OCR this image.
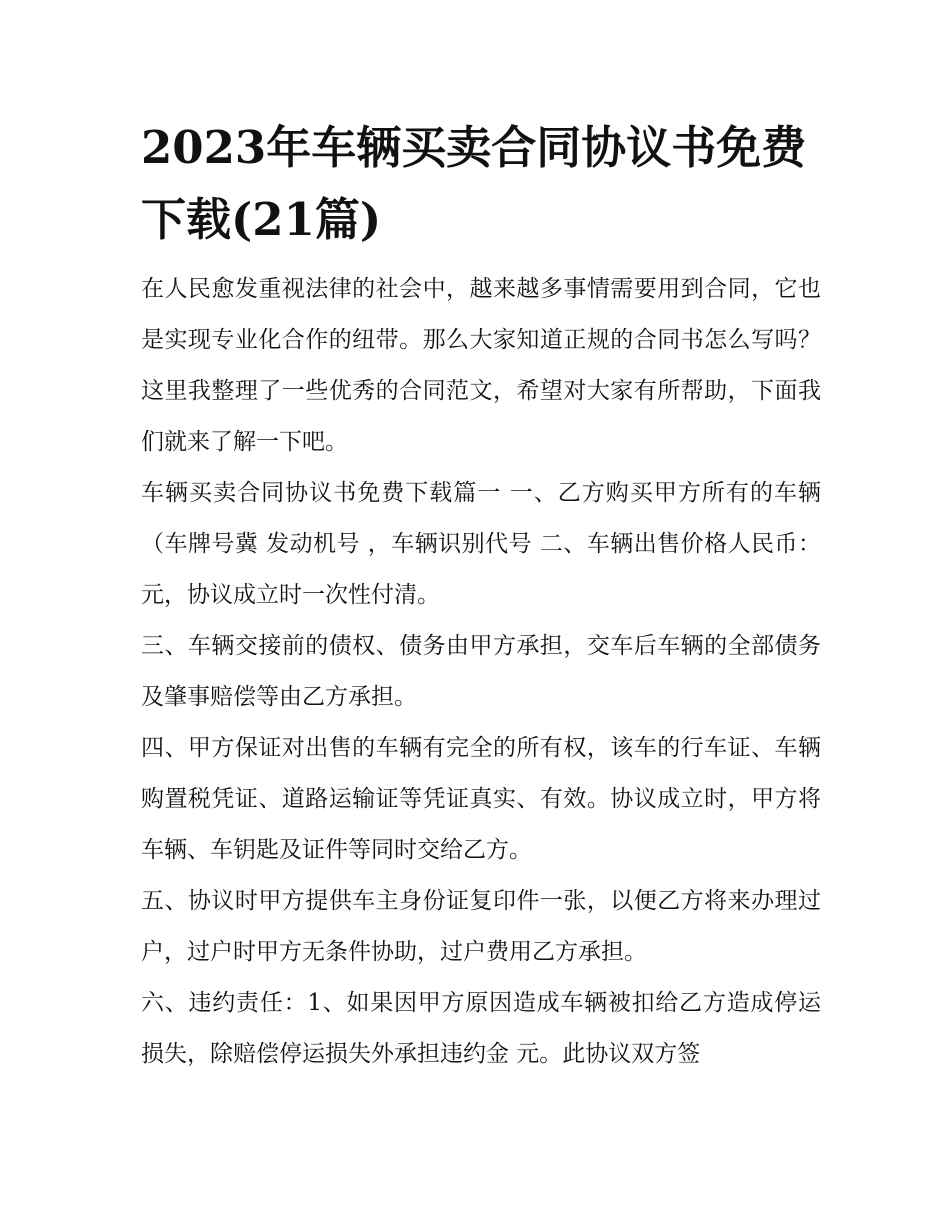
2023年车辆买卖合同协议书免费下载(21篇)

在人民愈发重视法律的社会中，越来越多事情需要用到合同，它也是实现专业化合作的纽带。那么大家知道正规的合同书怎么写吗？这里我整理了一些优秀的合同范文，希望对大家有所帮助，下面我们就来了解一下吧。

车辆买卖合同协议书免费下载篇一 一、乙方购买甲方所有的车辆（车牌号冀 发动机号 ，车辆识别代号 二、车辆出售价格人民币： 元，协议成立时一次性付清。

三、车辆交接前的债权、债务由甲方承担，交车后车辆的全部债务及肇事赔偿等由乙方承担。

四、甲方保证对出售的车辆有完全的所有权，该车的行车证、车辆购置税凭证、道路运输证等凭证真实、有效。协议成立时，甲方将车辆、车钥匙及证件等同时交给乙方。

五、协议时甲方提供车主身份证复印件一张，以便乙方将来办理过户，过户时甲方无条件协助，过户费用乙方承担。

六、违约责任：1、如果因甲方原因造成车辆被扣给乙方造成停运损失，除赔偿停运损失外承担违约金 元。此协议双方签
